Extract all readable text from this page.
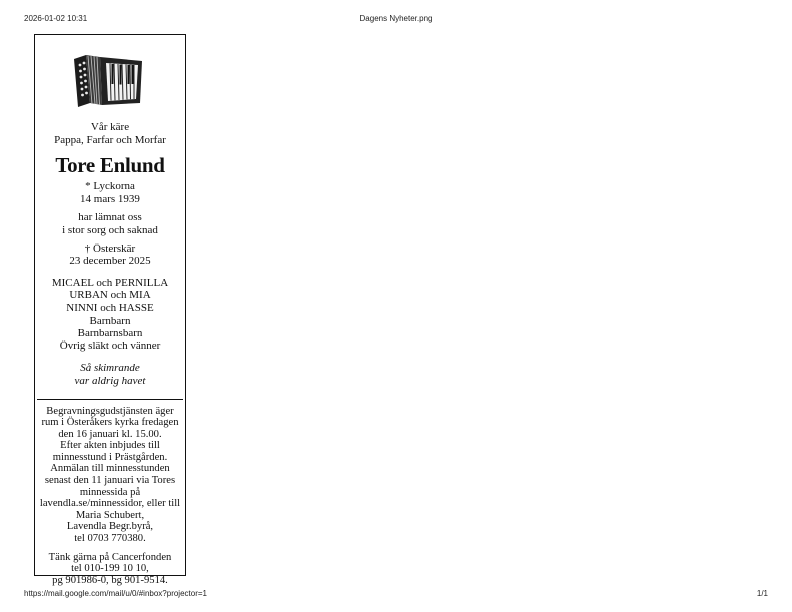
2026-01-02 10:31	Dagens Nyheter.png
Vår käre
Pappa, Farfar och Morfar
Tore Enlund
* Lyckorna
14 mars 1939
har lämnat oss
i stor sorg och saknad
† Österskär
23 december 2025
MICAEL och PERNILLA
URBAN och MIA
NINNI och HASSE
Barnbarn
Barnbarnsbarn
Övrig släkt och vänner
Så skimrande
var aldrig havet
Begravningsgudstjänsten äger
rum i Österåkers kyrka fredagen
den 16 januari kl. 15.00.
Efter akten inbjudes till
minnesstund i Prästgården.
Anmälan till minnesstunden
senast den 11 januari via Tores
minnessida på
lavendla.se/minnessidor, eller till
Maria Schubert,
Lavendla Begr.byrå,
tel 0703 770380.
Tänk gärna på Cancerfonden
tel 010-199 10 10,
pg 901986-0, bg 901-9514.
https://mail.google.com/mail/u/0/#inbox?projector=1	1/1
